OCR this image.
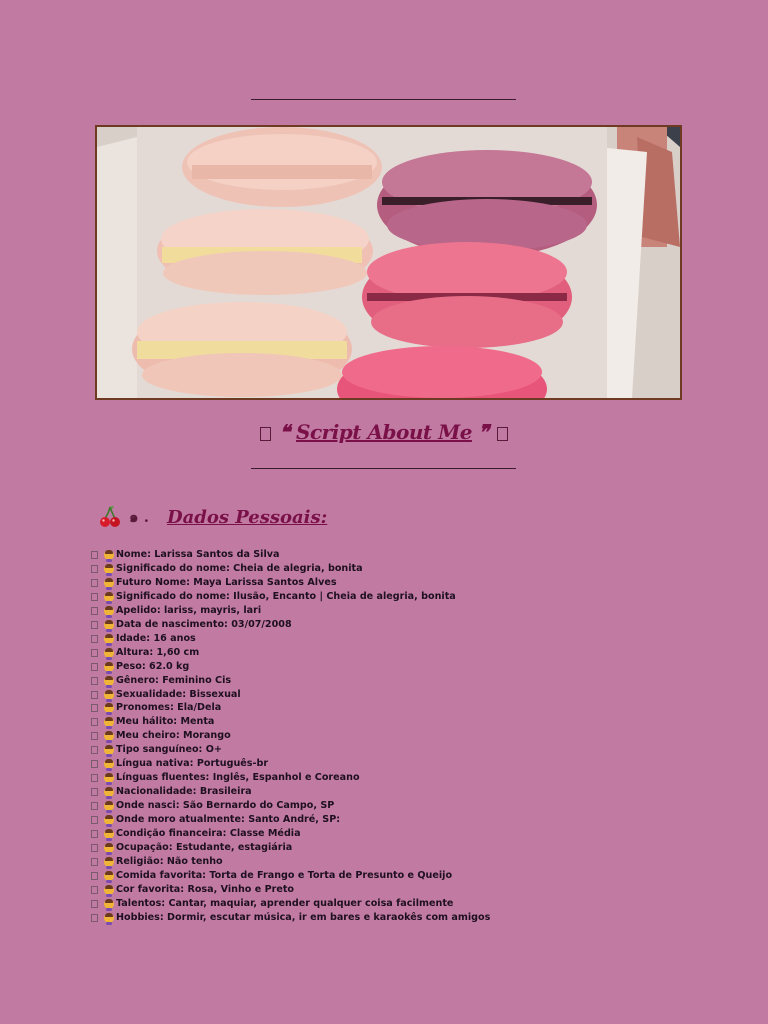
❝ Script About Me ❞
๑ . Dados Pessoais:
Nome: Larissa Santos da Silva
Significado do nome: Cheia de alegria, bonita
Futuro Nome: Maya Larissa Santos Alves
Significado do nome: Ilusão, Encanto | Cheia de alegria, bonita
Apelido: lariss, mayris, lari
Data de nascimento: 03/07/2008
Idade: 16 anos
Altura: 1,60 cm
Peso: 62.0 kg
Gênero: Feminino Cis
Sexualidade: Bissexual
Pronomes: Ela/Dela
Meu hálito: Menta
Meu cheiro: Morango
Tipo sanguíneo: O+
Língua nativa: Português-br
Línguas fluentes: Inglês, Espanhol e Coreano
Nacionalidade: Brasileira
Onde nasci: São Bernardo do Campo, SP
Onde moro atualmente: Santo André, SP:
Condição financeira: Classe Média
Ocupação: Estudante, estagiária
Religião: Não tenho
Comida favorita: Torta de Frango e Torta de Presunto e Queijo
Cor favorita: Rosa, Vinho e Preto
Talentos: Cantar, maquiar, aprender qualquer coisa facilmente
Hobbies: Dormir, escutar música, ir em bares e karaokês com amigos
